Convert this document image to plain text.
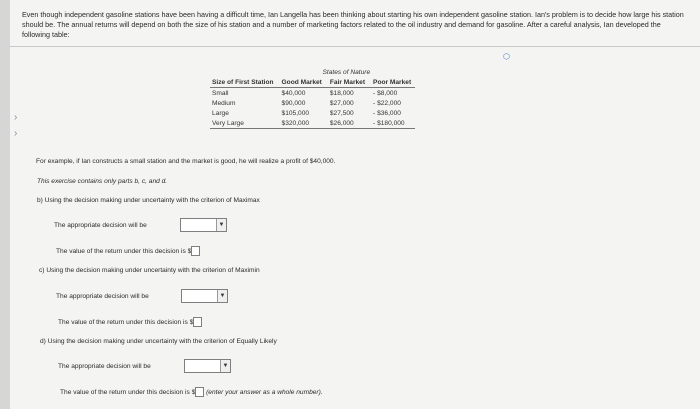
Even though independent gasoline stations have been having a difficult time, Ian Langella has been thinking about starting his own independent gasoline station. Ian's problem is to decide how large his station should be. The annual returns will depend on both the size of his station and a number of marketing factors related to the oil industry and demand for gasoline. After a careful analysis, Ian developed the following table:
›
›
⬡
	States of Nature		
Size of First Station	Good Market	Fair Market	Poor Market
Small	$40,000	$18,000	- $8,000
Medium	$90,000	$27,000	- $22,000
Large	$105,000	$27,500	- $36,000
Very Large	$320,000	$26,000	- $180,000
For example, if Ian constructs a small station and the market is good, he will realize a profit of $40,000.
This exercise contains only parts b, c, and d.
b) Using the decision making under uncertainty with the criterion of Maximax
The appropriate decision will be	▼
The value of the return under this decision is $
c) Using the decision making under uncertainty with the criterion of Maximin
The appropriate decision will be	▼
The value of the return under this decision is $
d) Using the decision making under uncertainty with the criterion of Equally Likely
The appropriate decision will be	▼
The value of the return under this decision is $ (enter your answer as a whole number).
